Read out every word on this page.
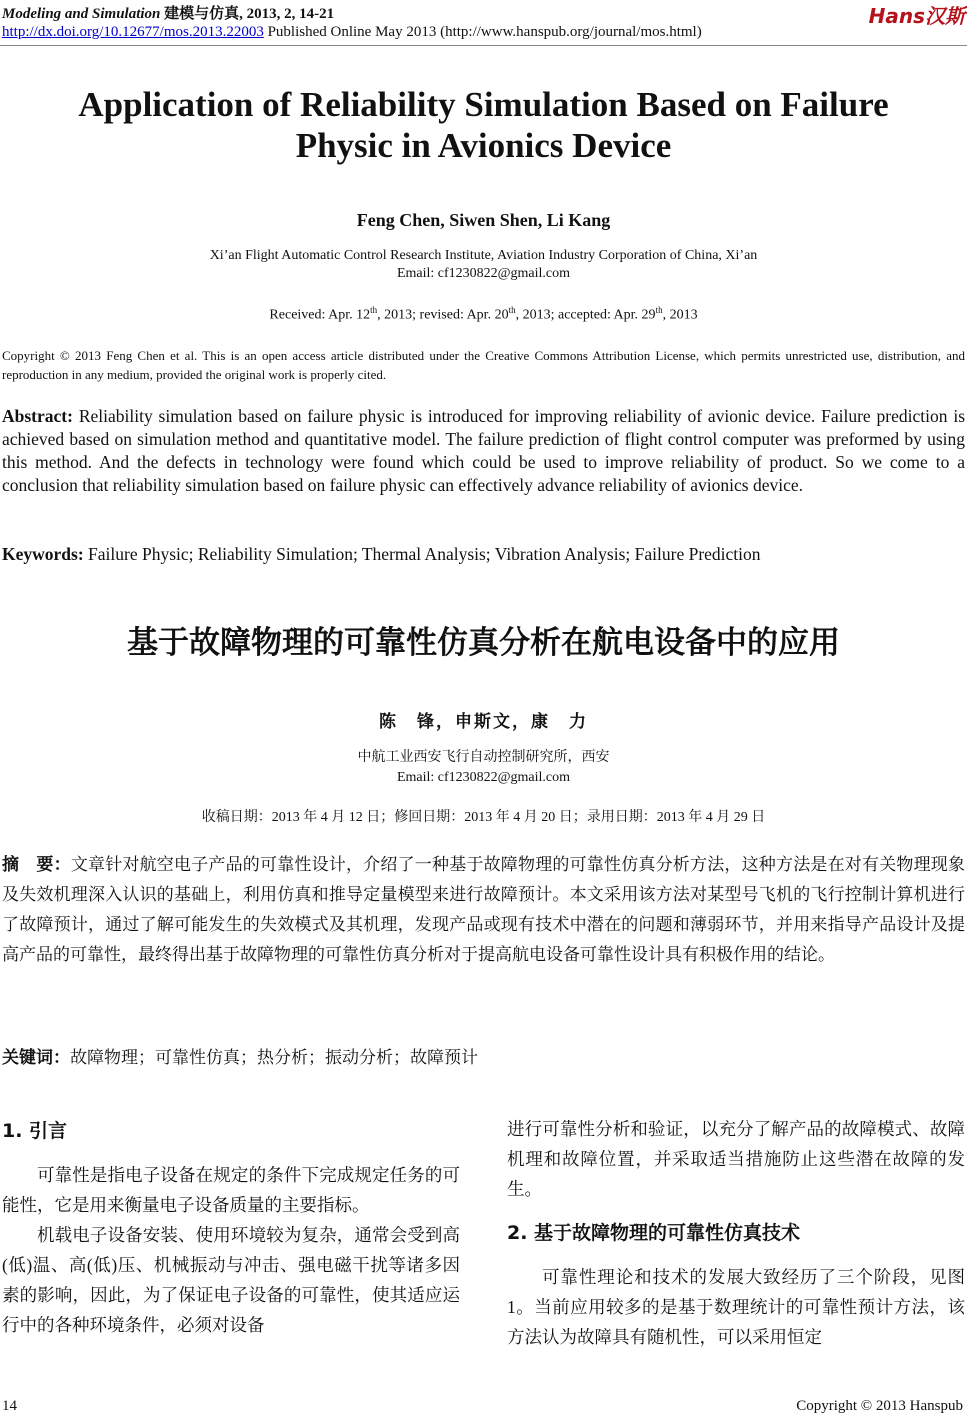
Modeling and Simulation 建模与仿真, 2013, 2, 14-21	Hans汉斯
http://dx.doi.org/10.12677/mos.2013.22003 Published Online May 2013 (http://www.hanspub.org/journal/mos.html)
Application of Reliability Simulation Based on Failure Physic in Avionics Device
Feng Chen, Siwen Shen, Li Kang
Xi’an Flight Automatic Control Research Institute, Aviation Industry Corporation of China, Xi’an
Email: cf1230822@gmail.com
Received: Apr. 12th, 2013; revised: Apr. 20th, 2013; accepted: Apr. 29th, 2013
Copyright © 2013 Feng Chen et al. This is an open access article distributed under the Creative Commons Attribution License, which permits unrestricted use, distribution, and reproduction in any medium, provided the original work is properly cited.
Abstract: Reliability simulation based on failure physic is introduced for improving reliability of avionic device. Failure prediction is achieved based on simulation method and quantitative model. The failure prediction of flight control computer was preformed by using this method. And the defects in technology were found which could be used to improve reliability of product. So we come to a conclusion that reliability simulation based on failure physic can effectively advance reliability of avionics device.
Keywords: Failure Physic; Reliability Simulation; Thermal Analysis; Vibration Analysis; Failure Prediction
基于故障物理的可靠性仿真分析在航电设备中的应用
陈　锋，申斯文，康　力
中航工业西安飞行自动控制研究所，西安
Email: cf1230822@gmail.com
收稿日期：2013 年 4 月 12 日；修回日期：2013 年 4 月 20 日；录用日期：2013 年 4 月 29 日
摘　要：文章针对航空电子产品的可靠性设计，介绍了一种基于故障物理的可靠性仿真分析方法，这种方法是在对有关物理现象及失效机理深入认识的基础上，利用仿真和推导定量模型来进行故障预计。本文采用该方法对某型号飞机的飞行控制计算机进行了故障预计，通过了解可能发生的失效模式及其机理，发现产品或现有技术中潜在的问题和薄弱环节，并用来指导产品设计及提高产品的可靠性，最终得出基于故障物理的可靠性仿真分析对于提高航电设备可靠性设计具有积极作用的结论。
关键词：故障物理；可靠性仿真；热分析；振动分析；故障预计
1. 引言

可靠性是指电子设备在规定的条件下完成规定任务的可能性，它是用来衡量电子设备质量的主要指标。

机载电子设备安装、使用环境较为复杂，通常会受到高(低)温、高(低)压、机械振动与冲击、强电磁干扰等诸多因素的影响，因此，为了保证电子设备的可靠性，使其适应运行中的各种环境条件，必须对设备

进行可靠性分析和验证，以充分了解产品的故障模式、故障机理和故障位置，并采取适当措施防止这些潜在故障的发生。

2. 基于故障物理的可靠性仿真技术

可靠性理论和技术的发展大致经历了三个阶段，见图 1。当前应用较多的是基于数理统计的可靠性预计方法，该方法认为故障具有随机性，可以采用恒定

14	Copyright © 2013 Hanspub
